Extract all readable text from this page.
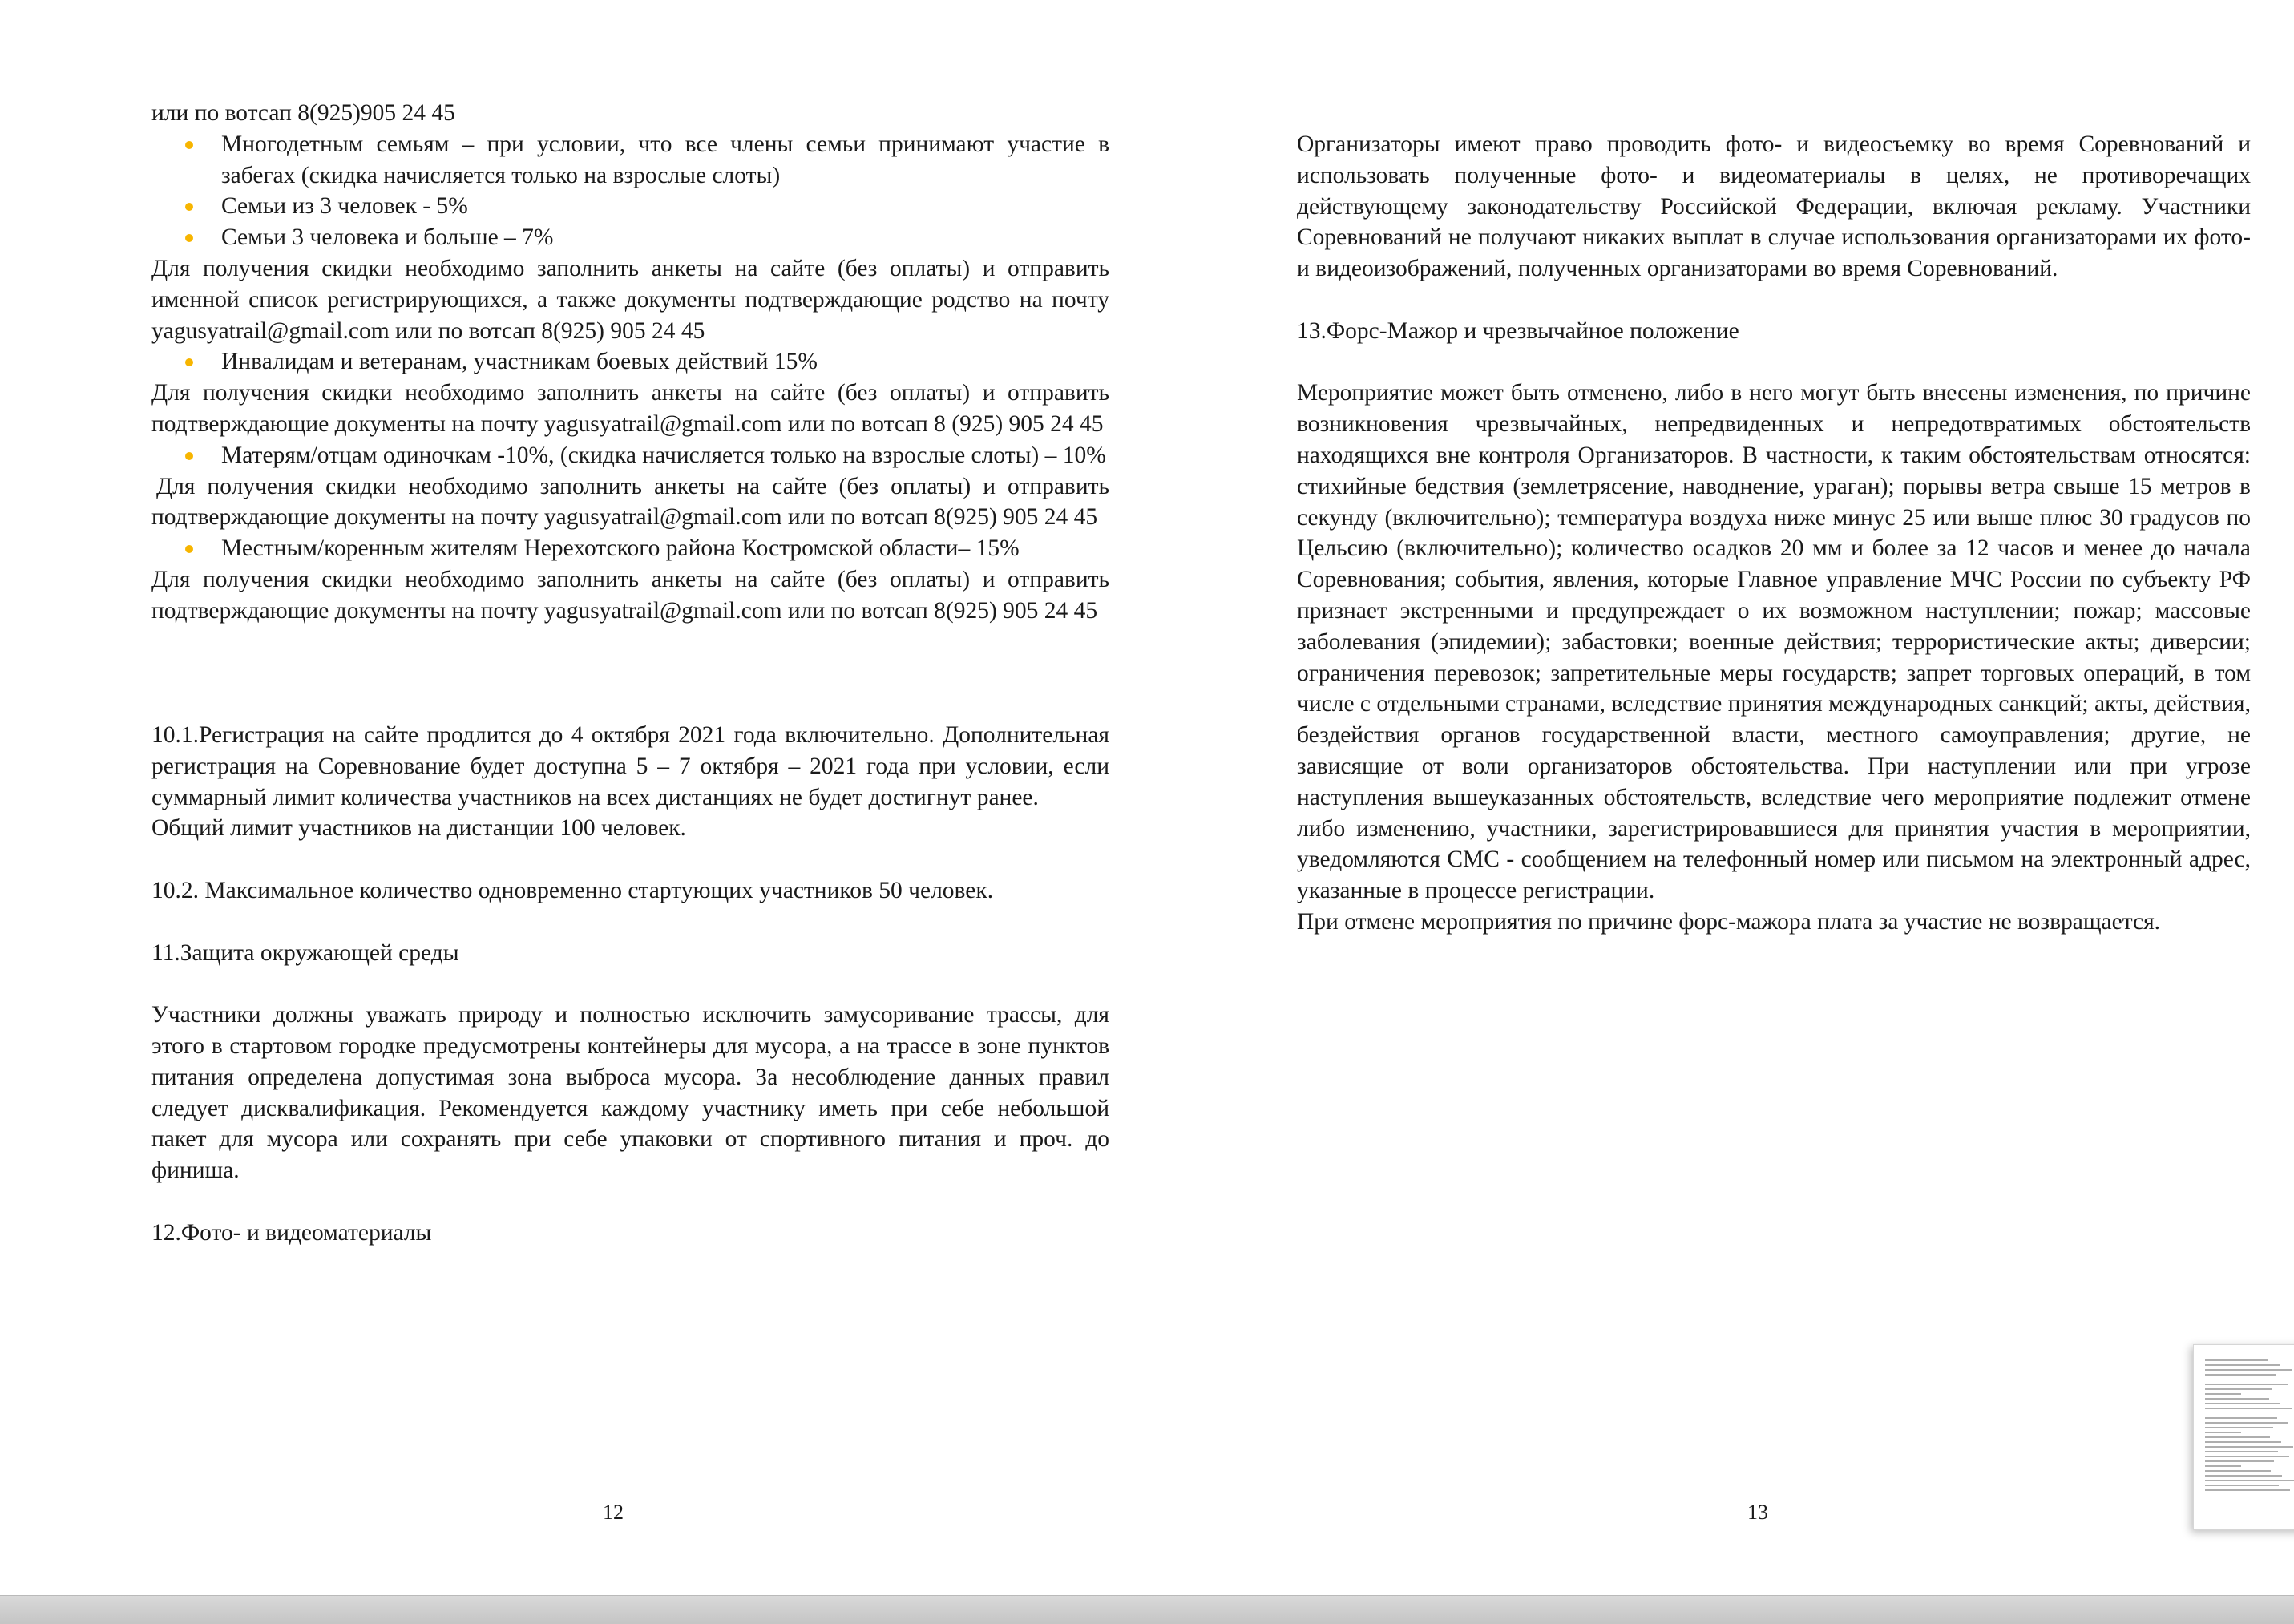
или по вотсап 8(925)905 24 45

Многодетным семьям – при условии, что все члены семьи принимают участие в забегах (скидка начисляется только на взрослые слоты)
Семьи из 3 человек - 5%
Семьи 3 человека и больше – 7%

Для получения скидки необходимо заполнить анкеты на сайте (без оплаты) и отправить именной список регистрирующихся, а также документы подтверждающие родство на почту yagusyatrail@gmail.com или по вотсап 8(925) 905 24 45

Инвалидам и ветеранам, участникам боевых действий 15%

Для получения скидки необходимо заполнить анкеты на сайте (без оплаты) и отправить подтверждающие документы на почту yagusyatrail@gmail.com или по вотсап 8 (925) 905 24 45

Матерям/отцам одиночкам -10%, (скидка начисляется только на взрослые слоты) – 10%

Для получения скидки необходимо заполнить анкеты на сайте (без оплаты) и отправить подтверждающие документы на почту yagusyatrail@gmail.com или по вотсап 8(925) 905 24 45

Местным/коренным жителям Нерехотского района Костромской области– 15%

Для получения скидки необходимо заполнить анкеты на сайте (без оплаты) и отправить подтверждающие документы на почту yagusyatrail@gmail.com или по вотсап 8(925) 905 24 45

10.1.Регистрация на сайте продлится до 4 октября 2021 года включительно. Дополнительная регистрация на Соревнование будет доступна 5 – 7 октября – 2021 года при условии, если суммарный лимит количества участников на всех дистанциях не будет достигнут ранее.

Общий лимит участников на дистанции 100 человек.

10.2. Максимальное количество одновременно стартующих участников 50 человек.

11.Защита окружающей среды

Участники должны уважать природу и полностью исключить замусоривание трассы, для этого в стартовом городке предусмотрены контейнеры для мусора, а на трассе в зоне пунктов питания определена допустимая зона выброса мусора. За несоблюдение данных правил следует дисквалификация. Рекомендуется каждому участнику иметь при себе небольшой пакет для мусора или сохранять при себе упаковки от спортивного питания и проч. до финиша.

12.Фото- и видеоматериалы

12

Организаторы имеют право проводить фото- и видеосъемку во время Соревнований и использовать полученные фото- и видеоматериалы в целях, не противоречащих действующему законодательству Российской Федерации, включая рекламу. Участники Соревнований не получают никаких выплат в случае использования организаторами их фото- и видеоизображений, полученных организаторами во время Соревнований.

13.Форс-Мажор и чрезвычайное положение

Мероприятие может быть отменено, либо в него могут быть внесены изменения, по причине возникновения чрезвычайных, непредвиденных и непредотвратимых обстоятельств находящихся вне контроля Организаторов. В частности, к таким обстоятельствам относятся: стихийные бедствия (землетрясение, наводнение, ураган); порывы ветра свыше 15 метров в секунду (включительно); температура воздуха ниже минус 25 или выше плюс 30 градусов по Цельсию (включительно); количество осадков 20 мм и более за 12 часов и менее до начала Соревнования; события, явления, которые Главное управление МЧС России по субъекту РФ признает экстренными и предупреждает о их возможном наступлении; пожар; массовые заболевания (эпидемии); забастовки; военные действия; террористические акты; диверсии; ограничения перевозок; запретительные меры государств; запрет торговых операций, в том числе с отдельными странами, вследствие принятия международных санкций; акты, действия, бездействия органов государственной власти, местного самоуправления; другие, не зависящие от воли организаторов обстоятельства. При наступлении или при угрозе наступления вышеуказанных обстоятельств, вследствие чего мероприятие подлежит отмене либо изменению, участники, зарегистрировавшиеся для принятия участия в мероприятии, уведомляются СМС - сообщением на телефонный номер или письмом на электронный адрес, указанные в процессе регистрации.

При отмене мероприятия по причине форс-мажора плата за участие не возвращается.

13
